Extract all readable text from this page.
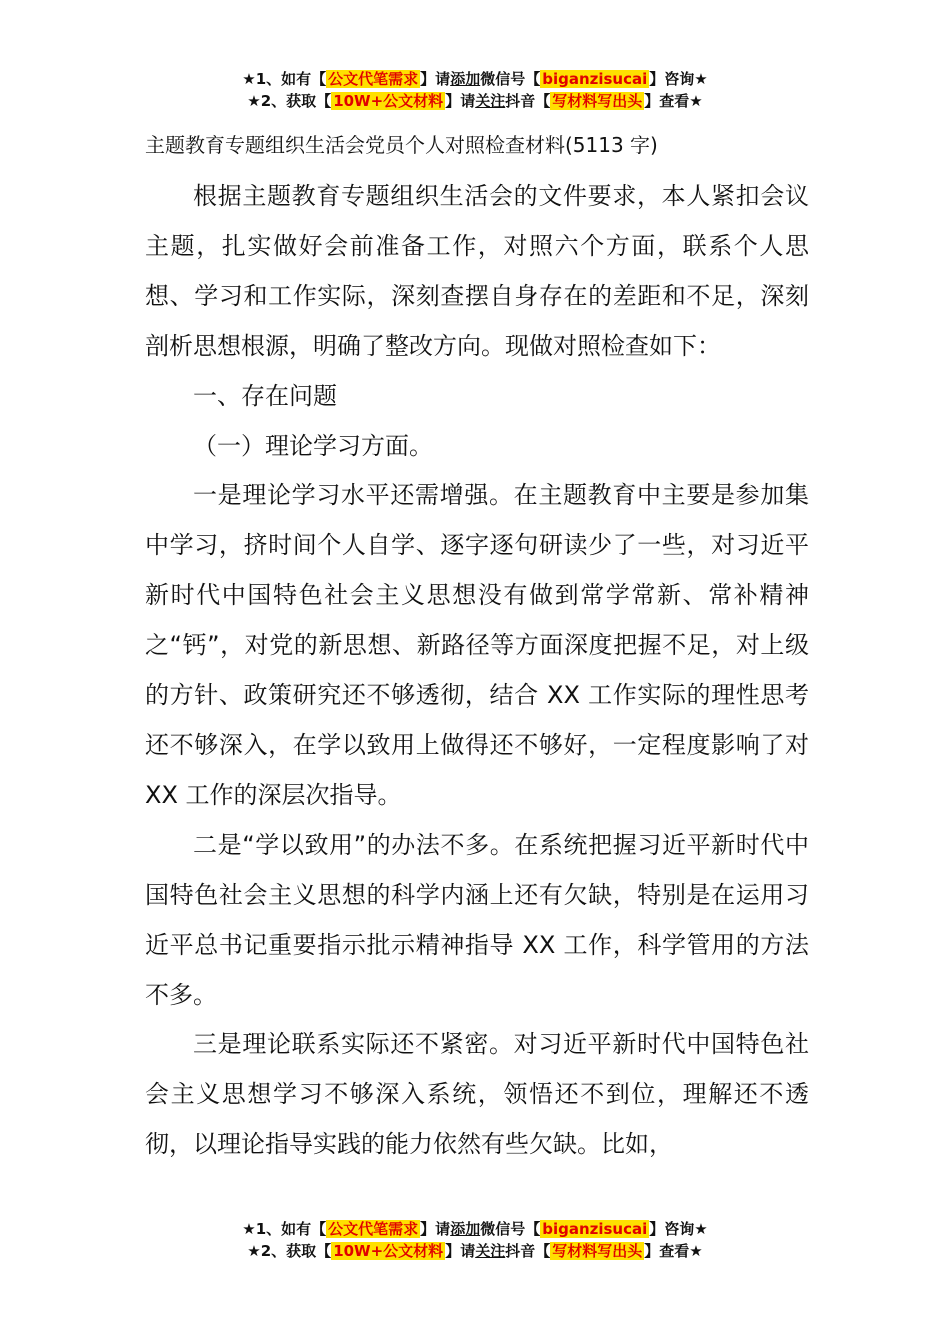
★1、如有【 公文代笔需求 】请添加微信号【 biganzisucai 】咨询★
★2、获取【 10W+公文材料 】请关注抖音【 写材料写出头 】查看★
主题教育专题组织生活会党员个人对照检查材料(5113 字)

根据主题教育专题组织生活会的文件要求，本人紧扣会议主题，扎实做好会前准备工作，对照六个方面，联系个人思想、学习和工作实际，深刻查摆自身存在的差距和不足，深刻剖析思想根源，明确了整改方向。现做对照检查如下：

一、存在问题

（一）理论学习方面。

一是理论学习水平还需增强。在主题教育中主要是参加集中学习，挤时间个人自学、逐字逐句研读少了一些，对习近平新时代中国特色社会主义思想没有做到常学常新、常补精神之“钙”，对党的新思想、新路径等方面深度把握不足，对上级的方针、政策研究还不够透彻，结合 XX 工作实际的理性思考还不够深入，在学以致用上做得还不够好，一定程度影响了对 XX 工作的深层次指导。

二是“学以致用”的办法不多。在系统把握习近平新时代中国特色社会主义思想的科学内涵上还有欠缺，特别是在运用习近平总书记重要指示批示精神指导 XX 工作，科学管用的方法不多。

三是理论联系实际还不紧密。对习近平新时代中国特色社会主义思想学习不够深入系统，领悟还不到位，理解还不透彻，以理论指导实践的能力依然有些欠缺。比如，

★1、如有【 公文代笔需求 】请添加微信号【 biganzisucai 】咨询★
★2、获取【 10W+公文材料 】请关注抖音【 写材料写出头 】查看★
